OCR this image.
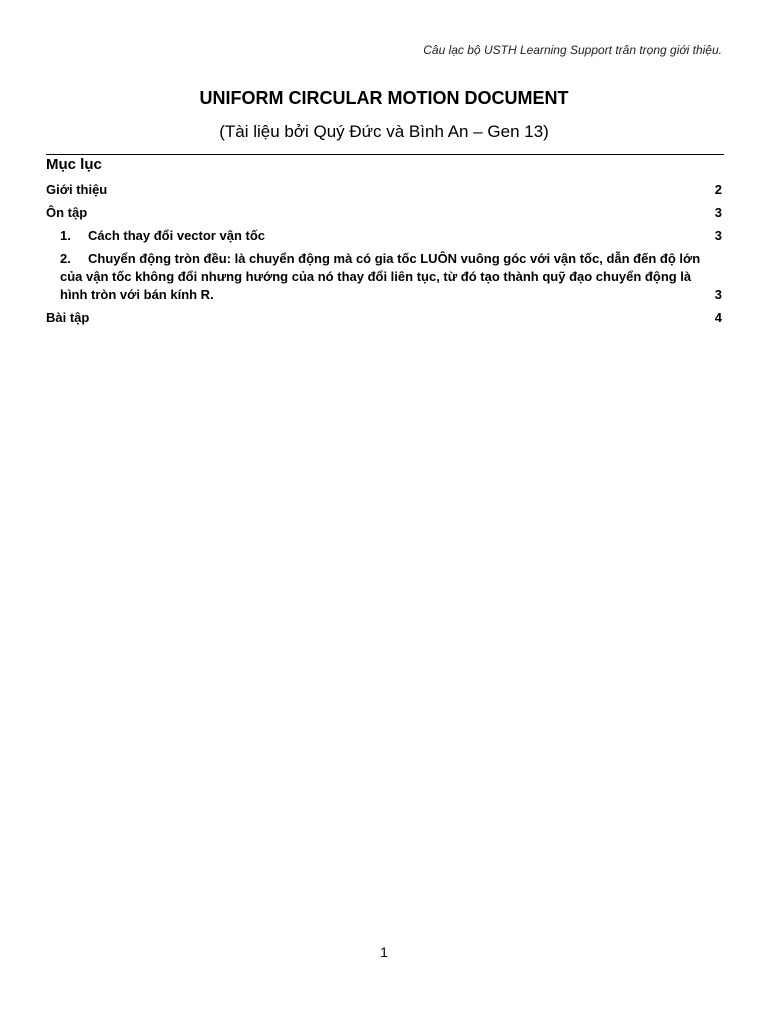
Câu lạc bộ USTH Learning Support trân trọng giới thiệu.
UNIFORM CIRCULAR MOTION DOCUMENT
(Tài liệu bởi Quý Đức và Bình An – Gen 13)
Mục lục
Giới thiệu	2
Ôn tập	3
1. Cách thay đổi vector vận tốc	3
2. Chuyển động tròn đều: là chuyển động mà có gia tốc LUÔN vuông góc với vận tốc, dẫn đến độ lớn của vận tốc không đổi nhưng hướng của nó thay đổi liên tục, từ đó tạo thành quỹ đạo chuyển động là hình tròn với bán kính R.	3
Bài tập	4
1
